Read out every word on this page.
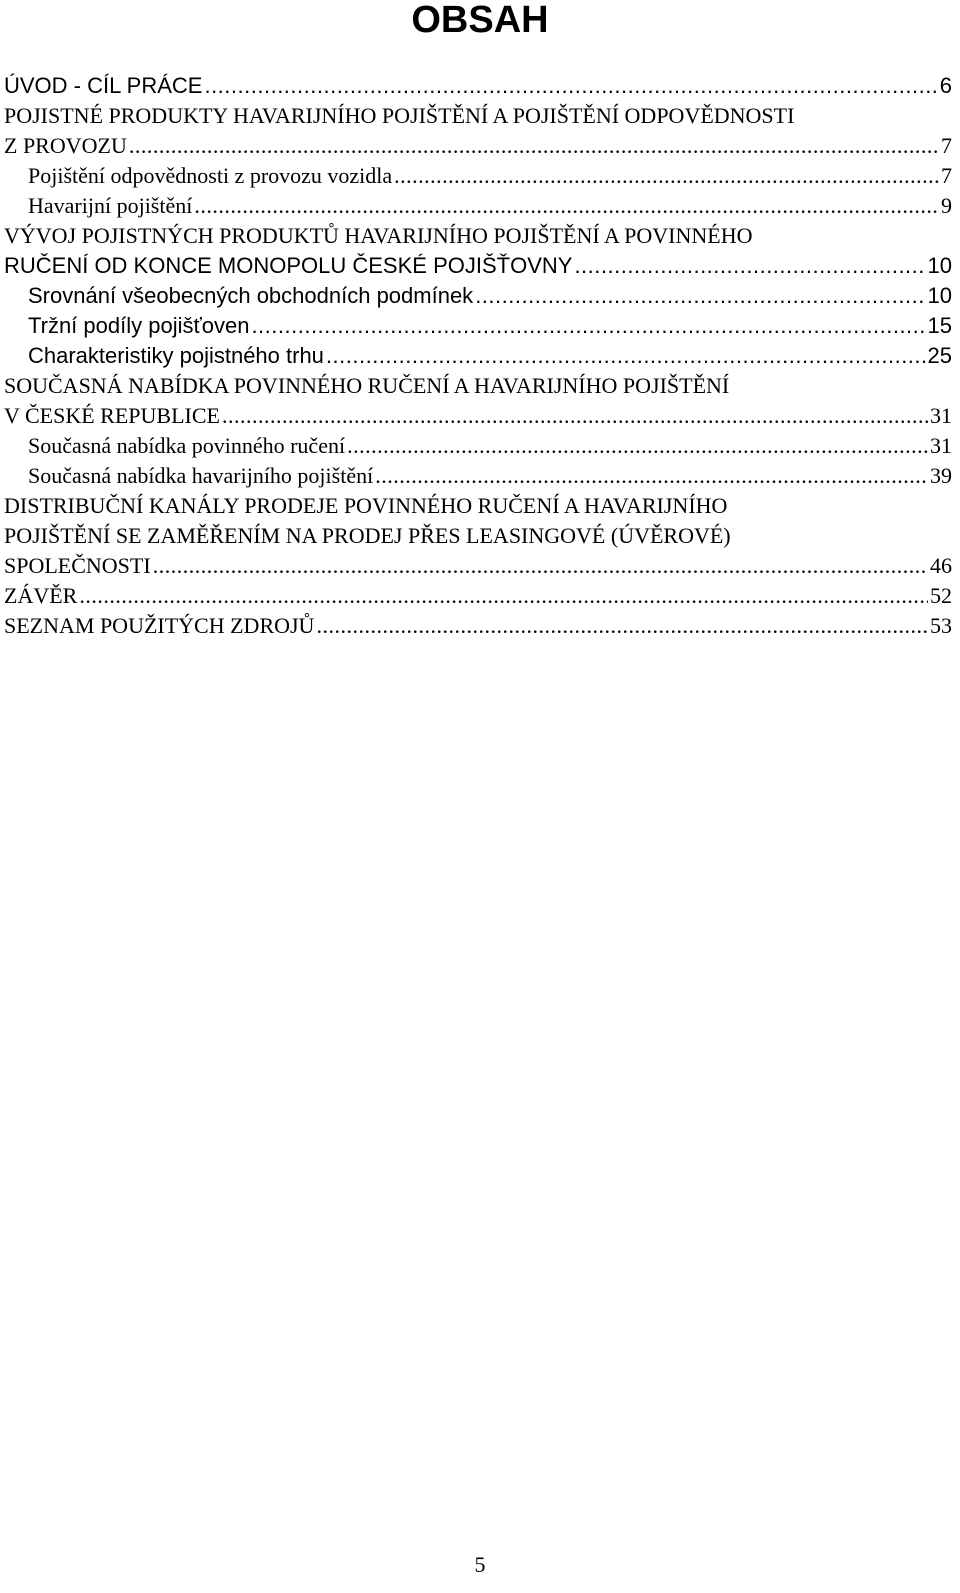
OBSAH
ÚVOD - CÍL PRÁCE .....	6
POJISTNÉ PRODUKTY HAVARIJNÍHO POJIŠTĚNÍ A POJIŠTĚNÍ ODPOVĚDNOSTI
Z PROVOZU .....	7
Pojištění odpovědnosti z provozu vozidla .....	7
Havarijní pojištění .....	9
VÝVOJ POJISTNÝCH PRODUKTŮ HAVARIJNÍHO POJIŠTĚNÍ A POVINNÉHO
RUČENÍ OD KONCE MONOPOLU ČESKÉ POJIŠŤOVNY .....	10
Srovnání všeobecných obchodních podmínek .....	10
Tržní podíly pojišťoven .....	15
Charakteristiky pojistného trhu .....	25
SOUČASNÁ NABÍDKA POVINNÉHO RUČENÍ A HAVARIJNÍHO POJIŠTĚNÍ
V ČESKÉ REPUBLICE .....	31
Současná nabídka povinného ručení .....	31
Současná nabídka havarijního pojištění .....	39
DISTRIBUČNÍ KANÁLY PRODEJE POVINNÉHO RUČENÍ A HAVARIJNÍHO
POJIŠTĚNÍ SE ZAMĚŘENÍM NA PRODEJ PŘES LEASINGOVÉ (ÚVĚROVÉ)
SPOLEČNOSTI .....	46
ZÁVĚR .....	52
SEZNAM POUŽITÝCH ZDROJŮ .....	53
5
